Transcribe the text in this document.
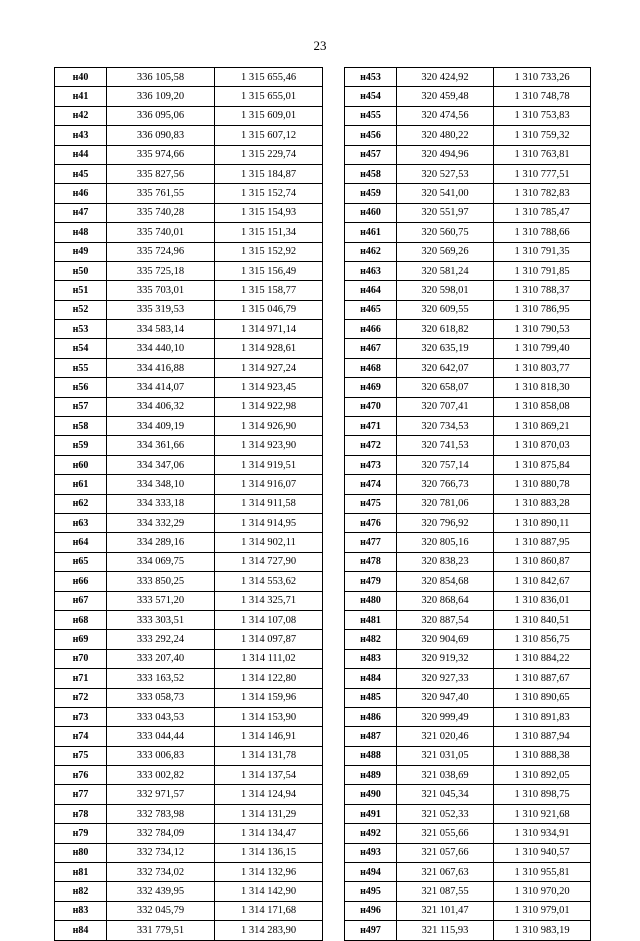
23
н40	336 105,58	1 315 655,46		н453	320 424,92	1 310 733,26
н41	336 109,20	1 315 655,01		н454	320 459,48	1 310 748,78
н42	336 095,06	1 315 609,01		н455	320 474,56	1 310 753,83
н43	336 090,83	1 315 607,12		н456	320 480,22	1 310 759,32
н44	335 974,66	1 315 229,74		н457	320 494,96	1 310 763,81
н45	335 827,56	1 315 184,87		н458	320 527,53	1 310 777,51
н46	335 761,55	1 315 152,74		н459	320 541,00	1 310 782,83
н47	335 740,28	1 315 154,93		н460	320 551,97	1 310 785,47
н48	335 740,01	1 315 151,34		н461	320 560,75	1 310 788,66
н49	335 724,96	1 315 152,92		н462	320 569,26	1 310 791,35
н50	335 725,18	1 315 156,49		н463	320 581,24	1 310 791,85
н51	335 703,01	1 315 158,77		н464	320 598,01	1 310 788,37
н52	335 319,53	1 315 046,79		н465	320 609,55	1 310 786,95
н53	334 583,14	1 314 971,14		н466	320 618,82	1 310 790,53
н54	334 440,10	1 314 928,61		н467	320 635,19	1 310 799,40
н55	334 416,88	1 314 927,24		н468	320 642,07	1 310 803,77
н56	334 414,07	1 314 923,45		н469	320 658,07	1 310 818,30
н57	334 406,32	1 314 922,98		н470	320 707,41	1 310 858,08
н58	334 409,19	1 314 926,90		н471	320 734,53	1 310 869,21
н59	334 361,66	1 314 923,90		н472	320 741,53	1 310 870,03
н60	334 347,06	1 314 919,51		н473	320 757,14	1 310 875,84
н61	334 348,10	1 314 916,07		н474	320 766,73	1 310 880,78
н62	334 333,18	1 314 911,58		н475	320 781,06	1 310 883,28
н63	334 332,29	1 314 914,95		н476	320 796,92	1 310 890,11
н64	334 289,16	1 314 902,11		н477	320 805,16	1 310 887,95
н65	334 069,75	1 314 727,90		н478	320 838,23	1 310 860,87
н66	333 850,25	1 314 553,62		н479	320 854,68	1 310 842,67
н67	333 571,20	1 314 325,71		н480	320 868,64	1 310 836,01
н68	333 303,51	1 314 107,08		н481	320 887,54	1 310 840,51
н69	333 292,24	1 314 097,87		н482	320 904,69	1 310 856,75
н70	333 207,40	1 314 111,02		н483	320 919,32	1 310 884,22
н71	333 163,52	1 314 122,80		н484	320 927,33	1 310 887,67
н72	333 058,73	1 314 159,96		н485	320 947,40	1 310 890,65
н73	333 043,53	1 314 153,90		н486	320 999,49	1 310 891,83
н74	333 044,44	1 314 146,91		н487	321 020,46	1 310 887,94
н75	333 006,83	1 314 131,78		н488	321 031,05	1 310 888,38
н76	333 002,82	1 314 137,54		н489	321 038,69	1 310 892,05
н77	332 971,57	1 314 124,94		н490	321 045,34	1 310 898,75
н78	332 783,98	1 314 131,29		н491	321 052,33	1 310 921,68
н79	332 784,09	1 314 134,47		н492	321 055,66	1 310 934,91
н80	332 734,12	1 314 136,15		н493	321 057,66	1 310 940,57
н81	332 734,02	1 314 132,96		н494	321 067,63	1 310 955,81
н82	332 439,95	1 314 142,90		н495	321 087,55	1 310 970,20
н83	332 045,79	1 314 171,68		н496	321 101,47	1 310 979,01
н84	331 779,51	1 314 283,90		н497	321 115,93	1 310 983,19
